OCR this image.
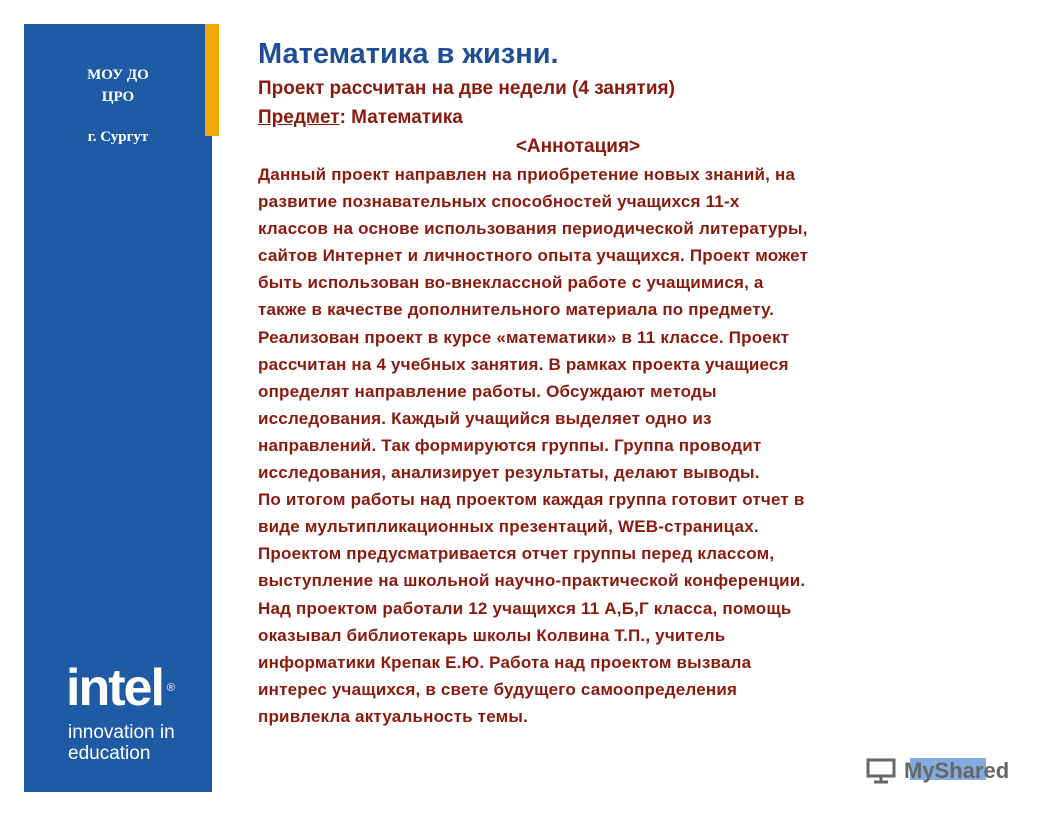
МОУ ДО
ЦРО
г. Сургут
intel ®
innovation in
education
Математика в жизни.

Проект рассчитан на две недели (4 занятия)

Предмет: Математика

<Аннотация>

Данный проект направлен на приобретение новых знаний, на
развитие познавательных способностей учащихся 11-х
классов на основе использования периодической литературы,
сайтов Интернет и личностного опыта учащихся. Проект может
быть использован во-внеклассной работе с учащимися, а
также в качестве дополнительного материала по предмету.
Реализован проект в курсе «математики» в 11 классе. Проект
рассчитан на 4 учебных занятия. В рамках проекта учащиеся
определят направление работы. Обсуждают методы
исследования. Каждый учащийся выделяет одно из
направлений. Так формируются группы. Группа проводит
исследования, анализирует результаты, делают выводы.
По итогом работы над проектом каждая группа готовит отчет в
виде мультипликационных презентаций, WEB-страницах.
Проектом предусматривается отчет группы перед классом,
выступление на школьной научно-практической конференции.
Над проектом работали 12 учащихся 11 А,Б,Г класса, помощь
оказывал библиотекарь школы Колвина Т.П., учитель
информатики Крепак Е.Ю. Работа над проектом вызвала
интерес учащихся, в свете будущего самоопределения
привлекла актуальность темы.

MyShared
